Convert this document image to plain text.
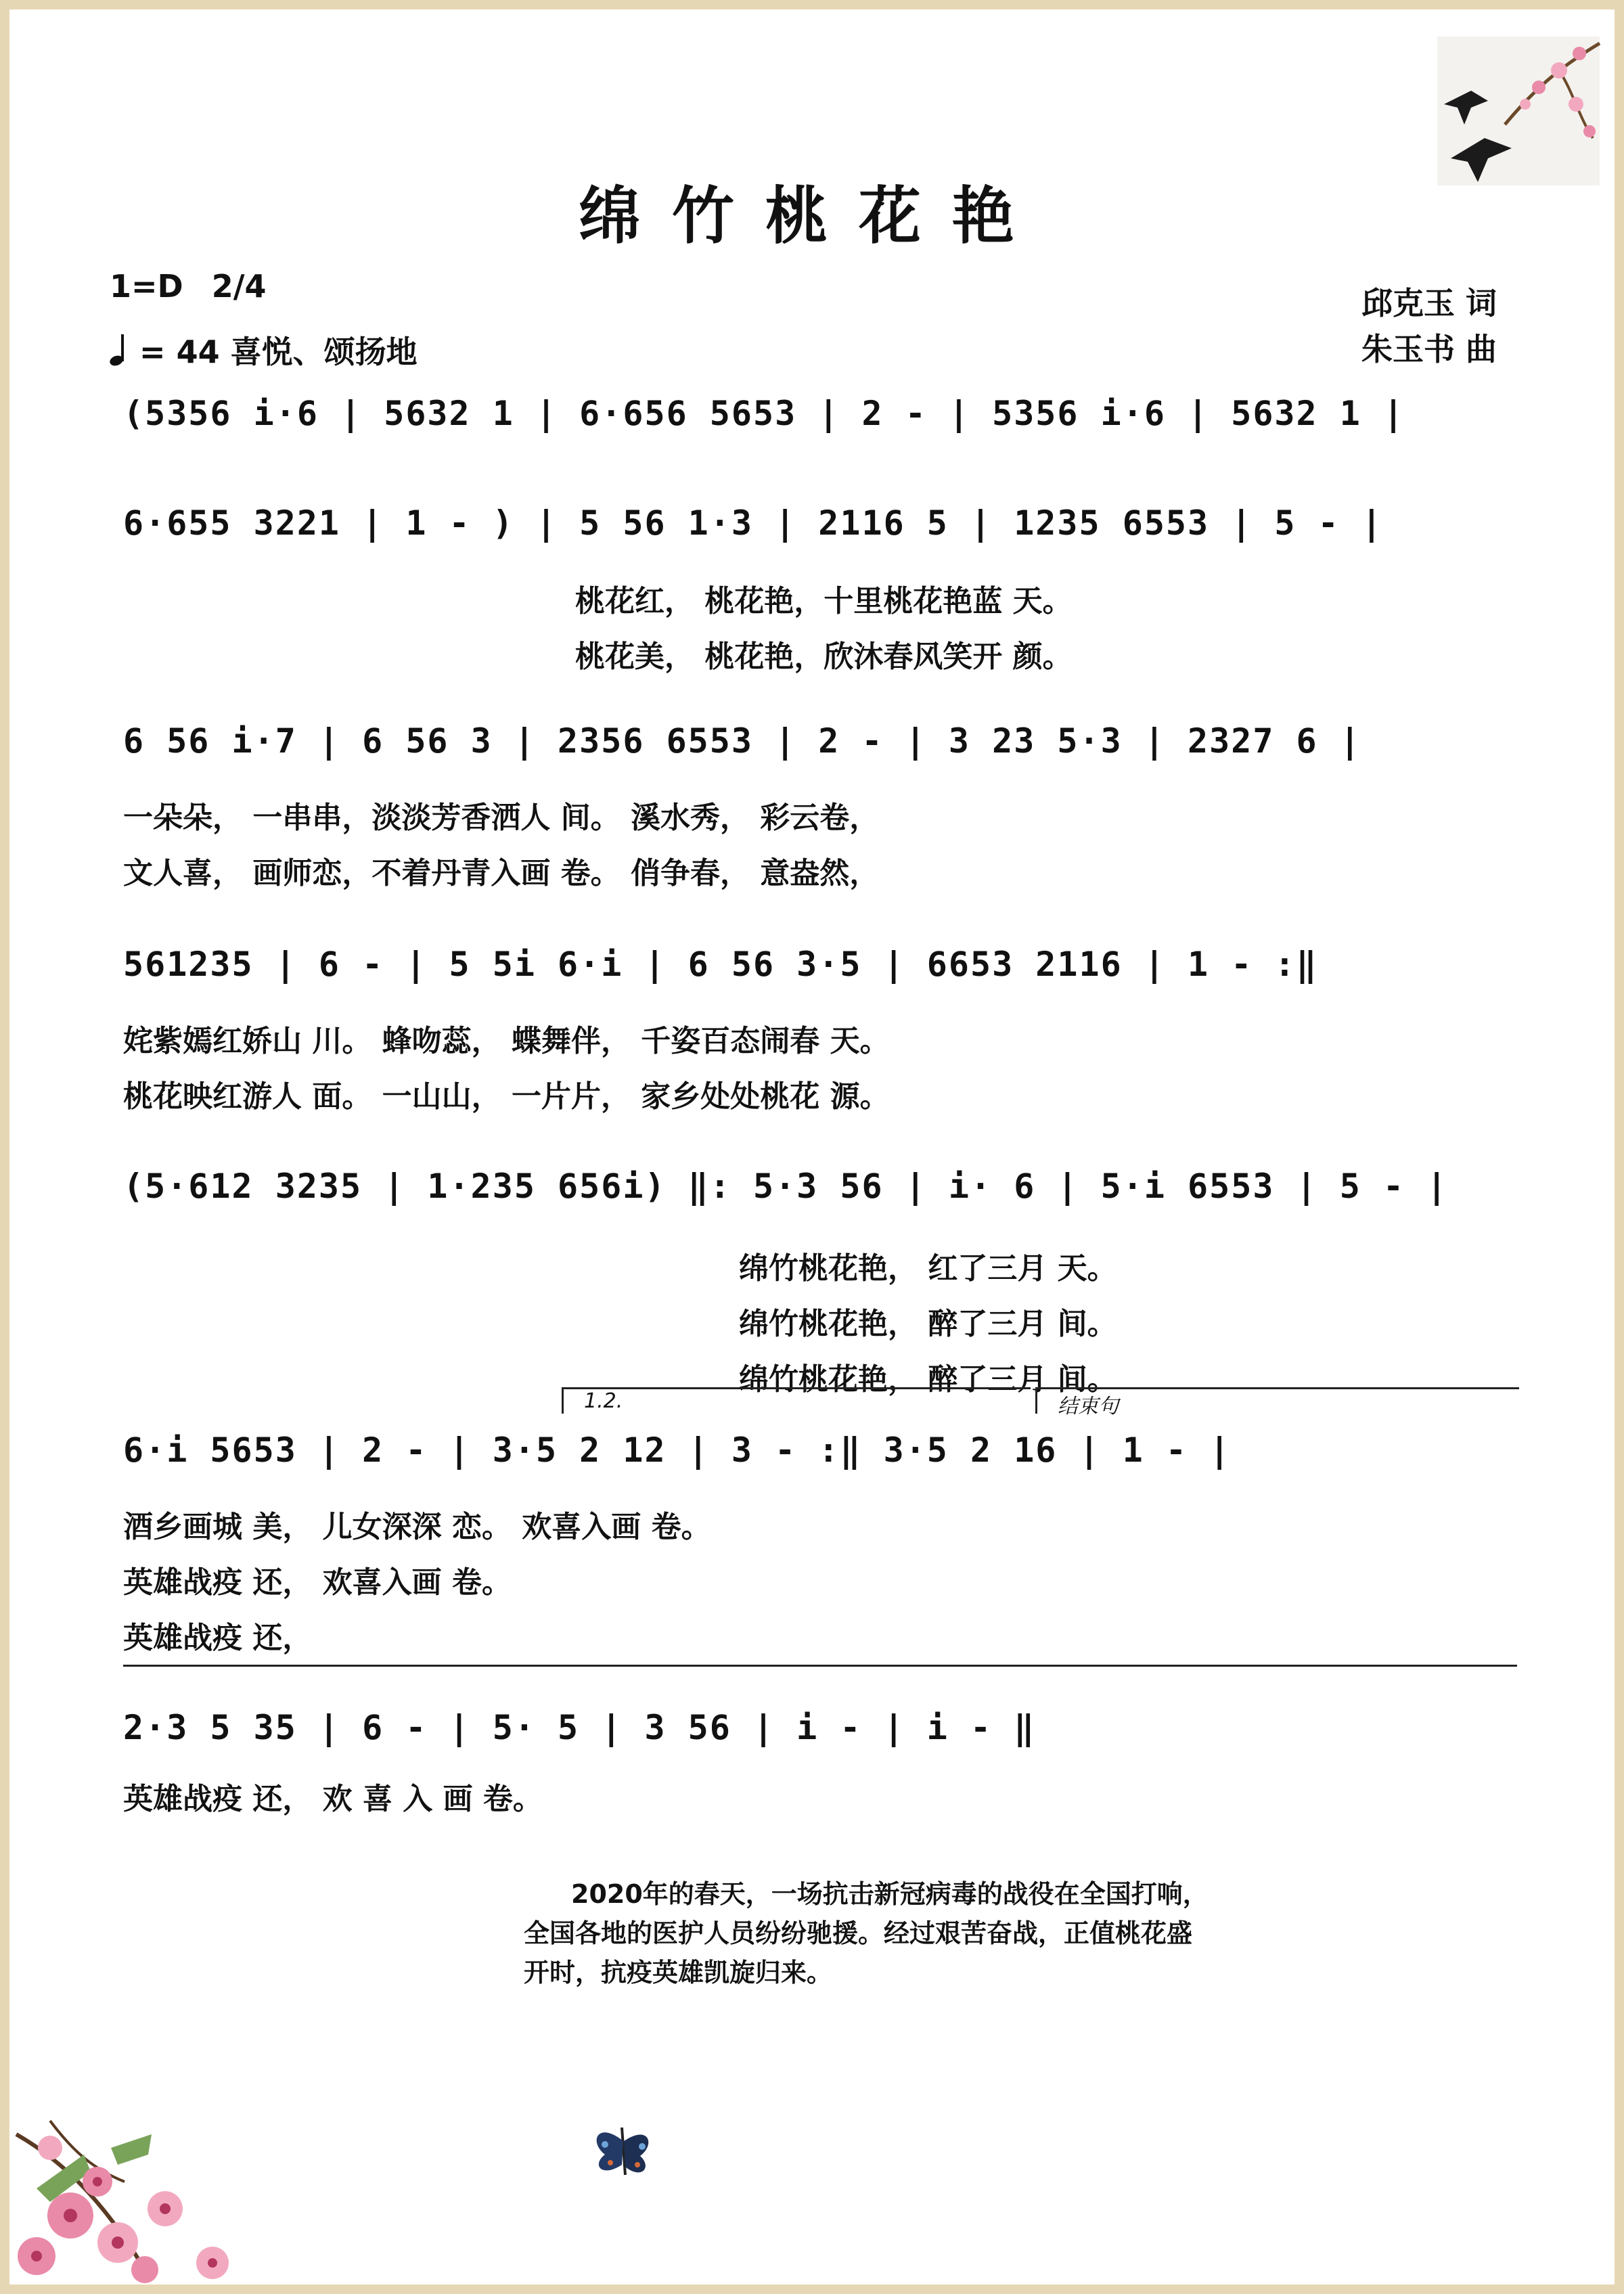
绵竹桃花艳
1=D 2/4
= 44 喜悦、颂扬地
邱克玉 词
朱玉书 曲
(5356 i·6 | 5632 1 | 6·656 5653 | 2 - | 5356 i·6 | 5632 1 |
6·655 3221 | 1 - ) | 5 56 1·3 | 2116 5 | 1235 6553 | 5 - |
桃花红， 桃花艳，十里桃花艳蓝 天。
桃花美， 桃花艳，欣沐春风笑开 颜。
6 56 i·7 | 6 56 3 | 2356 6553 | 2 - | 3 23 5·3 | 2327 6 |
一朵朵， 一串串，淡淡芳香洒人 间。 溪水秀， 彩云卷，
文人喜， 画师恋，不着丹青入画 卷。 俏争春， 意盎然，
561235 | 6 - | 5 5i 6·i | 6 56 3·5 | 6653 2116 | 1 - :‖
姹紫嫣红娇山 川。 蜂吻蕊， 蝶舞伴， 千姿百态闹春 天。
桃花映红游人 面。 一山山， 一片片， 家乡处处桃花 源。
(5·612 3235 | 1·235 656i) ‖: 5·3 56 | i· 6 | 5·i 6553 | 5 - |
绵竹桃花艳， 红了三月 天。
绵竹桃花艳， 醉了三月 间。
绵竹桃花艳， 醉了三月 间。
1.2.	结束句
6·i 5653 | 2 - | 3·5 2 12 | 3 - :‖ 3·5 2 16 | 1 - |
酒乡画城 美， 儿女深深 恋。 欢喜入画 卷。
英雄战疫 还， 欢喜入画 卷。
英雄战疫 还，
2·3 5 35 | 6 - | 5· 5 | 3 56 | i - | i - ‖
英雄战疫 还， 欢 喜 入 画 卷。
2020年的春天，一场抗击新冠病毒的战役在全国打响，
全国各地的医护人员纷纷驰援。经过艰苦奋战，正值桃花盛
开时，抗疫英雄凯旋归来。
